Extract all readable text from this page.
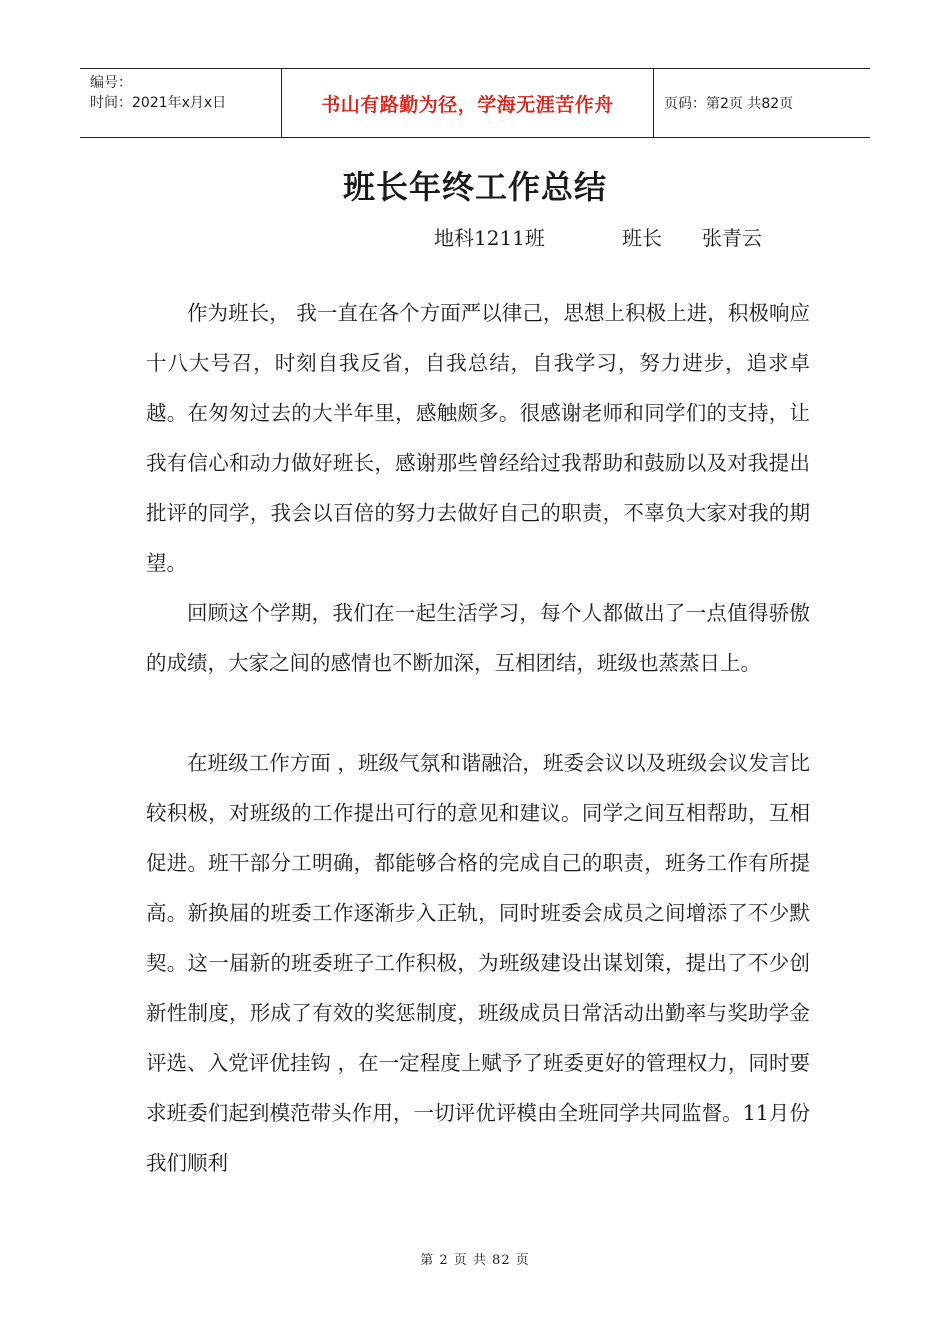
编号：
时间：2021年x月x日	书山有路勤为径，学海无涯苦作舟	页码：第2页 共82页
班长年终工作总结
地科1211班	班长	张青云

作为班长， 我一直在各个方面严以律己，思想上积极上进，积极响应十八大号召，时刻自我反省，自我总结，自我学习，努力进步，追求卓越。在匆匆过去的大半年里，感触颇多。很感谢老师和同学们的支持，让我有信心和动力做好班长，感谢那些曾经给过我帮助和鼓励以及对我提出批评的同学，我会以百倍的努力去做好自己的职责，不辜负大家对我的期望。

回顾这个学期，我们在一起生活学习，每个人都做出了一点值得骄傲的成绩，大家之间的感情也不断加深，互相团结，班级也蒸蒸日上。

在班级工作方面 ，班级气氛和谐融洽，班委会议以及班级会议发言比较积极，对班级的工作提出可行的意见和建议。同学之间互相帮助，互相促进。班干部分工明确，都能够合格的完成自己的职责，班务工作有所提高。新换届的班委工作逐渐步入正轨，同时班委会成员之间增添了不少默契。这一届新的班委班子工作积极，为班级建设出谋划策，提出了不少创新性制度，形成了有效的奖惩制度，班级成员日常活动出勤率与奖助学金评选、入党评优挂钩 ，在一定程度上赋予了班委更好的管理权力，同时要求班委们起到模范带头作用，一切评优评模由全班同学共同监督。11月份我们顺利

第 2 页 共 82 页
